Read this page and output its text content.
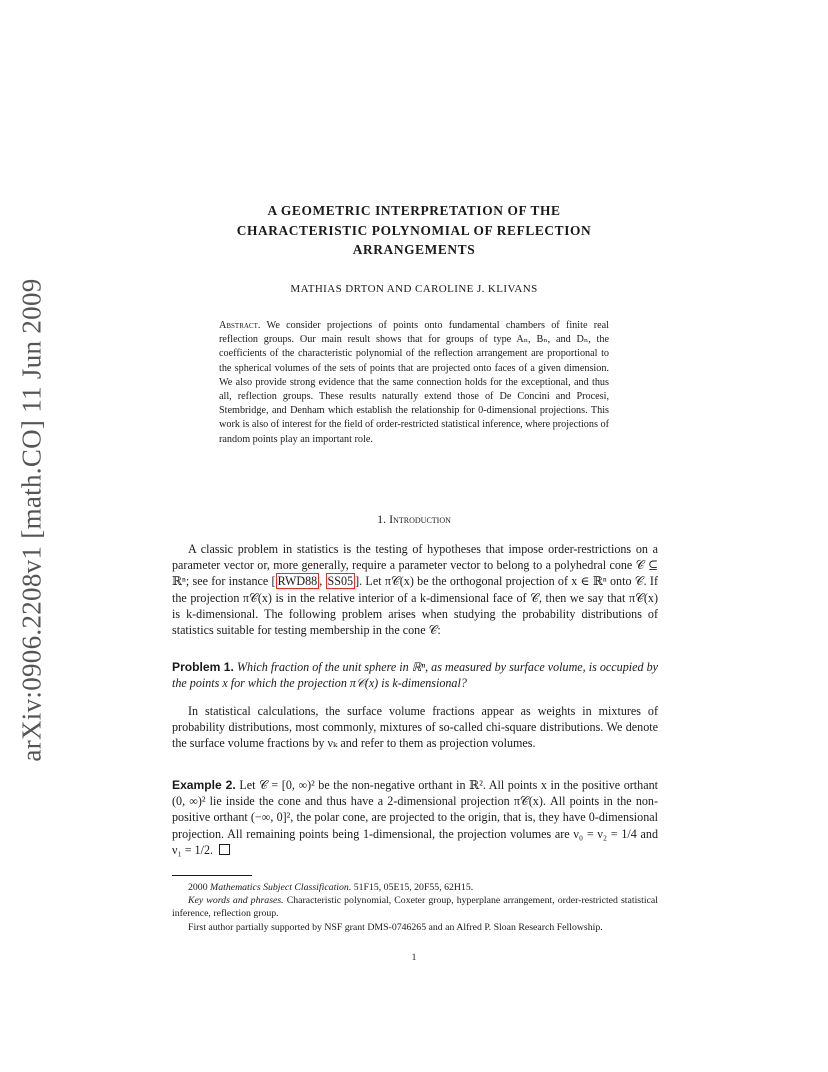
arXiv:0906.2208v1 [math.CO] 11 Jun 2009
A GEOMETRIC INTERPRETATION OF THE
CHARACTERISTIC POLYNOMIAL OF REFLECTION
ARRANGEMENTS
MATHIAS DRTON AND CAROLINE J. KLIVANS
Abstract. We consider projections of points onto fundamental chambers of finite real reflection groups. Our main result shows that for groups of type Aₙ, Bₙ, and Dₙ, the coefficients of the characteristic polynomial of the reflection arrangement are proportional to the spherical volumes of the sets of points that are projected onto faces of a given dimension. We also provide strong evidence that the same connection holds for the exceptional, and thus all, reflection groups. These results naturally extend those of De Concini and Procesi, Stembridge, and Denham which establish the relationship for 0-dimensional projections. This work is also of interest for the field of order-restricted statistical inference, where projections of random points play an important role.
1. Introduction

A classic problem in statistics is the testing of hypotheses that impose order-restrictions on a parameter vector or, more generally, require a parameter vector to belong to a polyhedral cone 𝒞 ⊆ ℝⁿ; see for instance [ RWD88 , SS05 ]. Let π𝒞(x) be the orthogonal projection of x ∈ ℝⁿ onto 𝒞. If the projection π𝒞(x) is in the relative interior of a k-dimensional face of 𝒞, then we say that π𝒞(x) is k-dimensional. The following problem arises when studying the probability distributions of statistics suitable for testing membership in the cone 𝒞:

Problem 1. Which fraction of the unit sphere in ℝⁿ, as measured by surface volume, is occupied by the points x for which the projection π𝒞(x) is k-dimensional?

In statistical calculations, the surface volume fractions appear as weights in mixtures of probability distributions, most commonly, mixtures of so-called chi-square distributions. We denote the surface volume fractions by νₖ and refer to them as projection volumes.

Example 2. Let 𝒞 = [0, ∞)² be the non-negative orthant in ℝ². All points x in the positive orthant (0, ∞)² lie inside the cone and thus have a 2-dimensional projection π𝒞(x). All points in the non-positive orthant (−∞, 0]², the polar cone, are projected to the origin, that is, they have 0-dimensional projection. All remaining points being 1-dimensional, the projection volumes are ν₀ = ν₂ = 1/4 and ν₁ = 1/2.

2000 Mathematics Subject Classification. 51F15, 05E15, 20F55, 62H15.

Key words and phrases. Characteristic polynomial, Coxeter group, hyperplane arrangement, order-restricted statistical inference, reflection group.

First author partially supported by NSF grant DMS-0746265 and an Alfred P. Sloan Research Fellowship.

1
